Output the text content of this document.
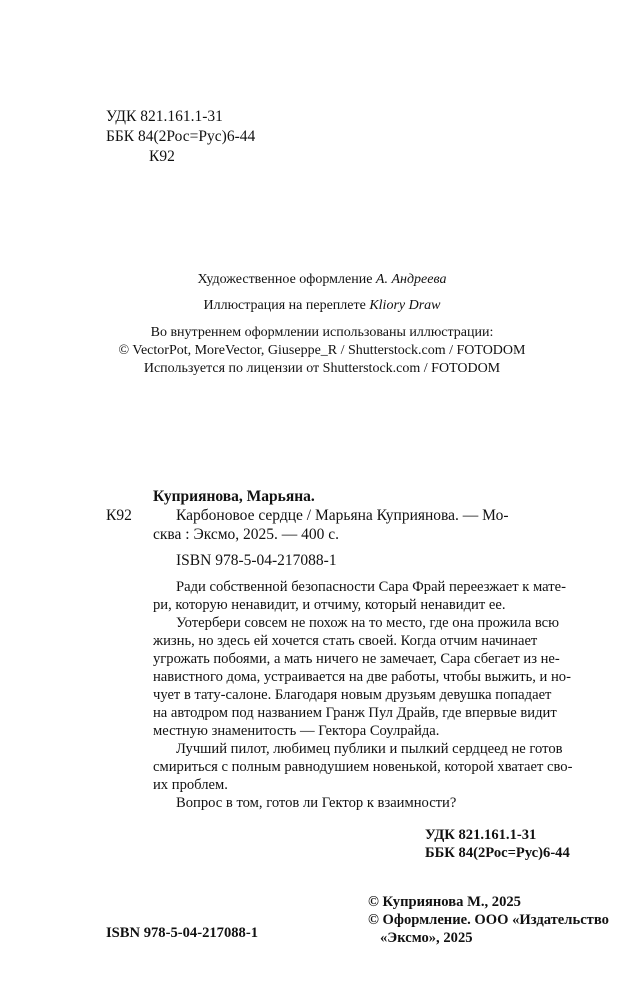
УДК 821.161.1-31
ББК 84(2Рос=Рус)6-44
К92
Художественное оформление А. Андреева
Иллюстрация на переплете Kliory Draw
Во внутреннем оформлении использованы иллюстрации:
© VectorPot, MoreVector, Giuseppe_R / Shutterstock.com / FOTODOM
Используется по лицензии от Shutterstock.com / FOTODOM
Куприянова, Марьяна.
К92	Карбоновое сердце / Марьяна Куприянова. — Мо-
сква : Эксмо, 2025. — 400 с.
ISBN 978-5-04-217088-1
Ради собственной безопасности Сара Фрай переезжает к мате-
ри, которую ненавидит, и отчиму, который ненавидит ее.
Уотербери совсем не похож на то место, где она прожила всю
жизнь, но здесь ей хочется стать своей. Когда отчим начинает
угрожать побоями, а мать ничего не замечает, Сара сбегает из не-
навистного дома, устраивается на две работы, чтобы выжить, и но-
чует в тату-салоне. Благодаря новым друзьям девушка попадает
на автодром под названием Гранж Пул Драйв, где впервые видит
местную знаменитость — Гектора Соулрайда.
Лучший пилот, любимец публики и пылкий сердцеед не готов
смириться с полным равнодушием новенькой, которой хватает сво-
их проблем.
Вопрос в том, готов ли Гектор к взаимности?
УДК 821.161.1-31
ББК 84(2Рос=Рус)6-44
ISBN 978-5-04-217088-1
© Куприянова М., 2025
© Оформление. ООО «Издательство
«Эксмо», 2025
